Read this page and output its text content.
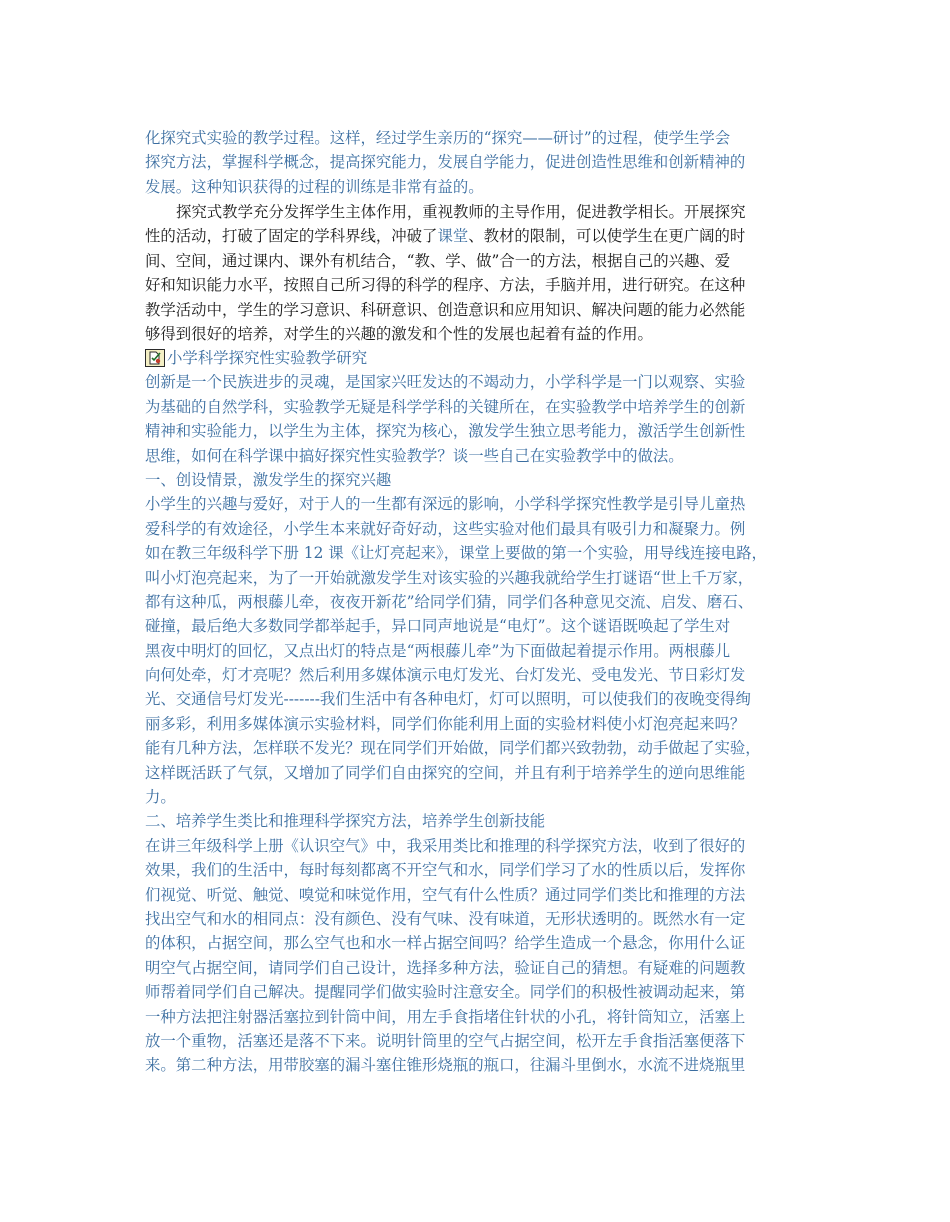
化探究式实验的教学过程。这样，经过学生亲历的“探究——研讨”的过程，使学生学会
探究方法，掌握科学概念，提高探究能力，发展自学能力，促进创造性思维和创新精神的
发展。这种知识获得的过程的训练是非常有益的。
探究式教学充分发挥学生主体作用，重视教师的主导作用，促进教学相长。开展探究
性的活动，打破了固定的学科界线，冲破了课堂、教材的限制，可以使学生在更广阔的时
间、空间，通过课内、课外有机结合，“教、学、做”合一的方法，根据自己的兴趣、爱
好和知识能力水平，按照自己所习得的科学的程序、方法，手脑并用，进行研究。在这种
教学活动中，学生的学习意识、科研意识、创造意识和应用知识、解决问题的能力必然能
够得到很好的培养，对学生的兴趣的激发和个性的发展也起着有益的作用。
小学科学探究性实验教学研究
创新是一个民族进步的灵魂，是国家兴旺发达的不竭动力，小学科学是一门以观察、实验
为基础的自然学科，实验教学无疑是科学学科的关键所在，在实验教学中培养学生的创新
精神和实验能力，以学生为主体，探究为核心，激发学生独立思考能力，激活学生创新性
思维，如何在科学课中搞好探究性实验教学？谈一些自己在实验教学中的做法。
一、创设情景，激发学生的探究兴趣
小学生的兴趣与爱好，对于人的一生都有深远的影响，小学科学探究性教学是引导儿童热
爱科学的有效途径，小学生本来就好奇好动，这些实验对他们最具有吸引力和凝聚力。例
如在教三年级科学下册 12 课《让灯亮起来》，课堂上要做的第一个实验，用导线连接电路，
叫小灯泡亮起来，为了一开始就激发学生对该实验的兴趣我就给学生打谜语“世上千万家，
都有这种瓜，两根藤儿牵，夜夜开新花”给同学们猜，同学们各种意见交流、启发、磨石、
碰撞，最后绝大多数同学都举起手，异口同声地说是“电灯”。这个谜语既唤起了学生对
黑夜中明灯的回忆，又点出灯的特点是“两根藤儿牵”为下面做起着提示作用。两根藤儿
向何处牵，灯才亮呢？然后利用多媒体演示电灯发光、台灯发光、受电发光、节日彩灯发
光、交通信号灯发光-------我们生活中有各种电灯，灯可以照明，可以使我们的夜晚变得绚
丽多彩，利用多媒体演示实验材料，同学们你能利用上面的实验材料使小灯泡亮起来吗？
能有几种方法，怎样联不发光？现在同学们开始做，同学们都兴致勃勃，动手做起了实验，
这样既活跃了气氛，又增加了同学们自由探究的空间，并且有利于培养学生的逆向思维能
力。
二、培养学生类比和推理科学探究方法，培养学生创新技能
在讲三年级科学上册《认识空气》中，我采用类比和推理的科学探究方法，收到了很好的
效果，我们的生活中，每时每刻都离不开空气和水，同学们学习了水的性质以后，发挥你
们视觉、听觉、触觉、嗅觉和味觉作用，空气有什么性质？通过同学们类比和推理的方法
找出空气和水的相同点：没有颜色、没有气味、没有味道，无形状透明的。既然水有一定
的体积，占据空间，那么空气也和水一样占据空间吗？给学生造成一个悬念，你用什么证
明空气占据空间，请同学们自己设计，选择多种方法，验证自己的猜想。有疑难的问题教
师帮着同学们自己解决。提醒同学们做实验时注意安全。同学们的积极性被调动起来，第
一种方法把注射器活塞拉到针筒中间，用左手食指堵住针状的小孔，将针筒知立，活塞上
放一个重物，活塞还是落不下来。说明针筒里的空气占据空间，松开左手食指活塞便落下
来。第二种方法，用带胶塞的漏斗塞住锥形烧瓶的瓶口，往漏斗里倒水，水流不进烧瓶里
